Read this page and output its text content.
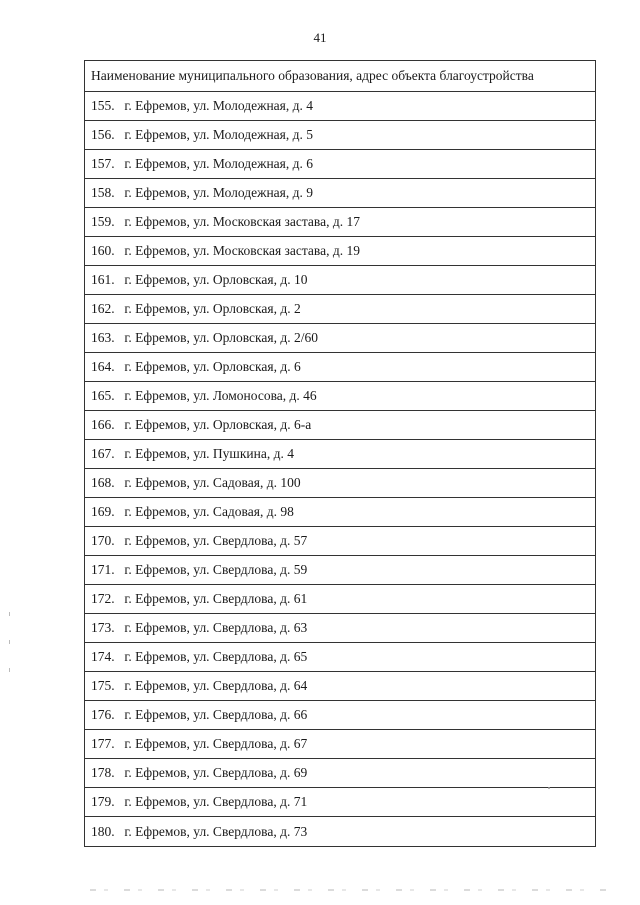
41
Наименование муниципального образования, адрес объекта благоустройства
155. г. Ефремов, ул. Молодежная, д. 4
156. г. Ефремов, ул. Молодежная, д. 5
157. г. Ефремов, ул. Молодежная, д. 6
158. г. Ефремов, ул. Молодежная, д. 9
159. г. Ефремов, ул. Московская застава, д. 17
160. г. Ефремов, ул. Московская застава, д. 19
161. г. Ефремов, ул. Орловская, д. 10
162. г. Ефремов, ул. Орловская, д. 2
163. г. Ефремов, ул. Орловская, д. 2/60
164. г. Ефремов, ул. Орловская, д. 6
165. г. Ефремов, ул. Ломоносова, д. 46
166. г. Ефремов, ул. Орловская, д. 6-а
167. г. Ефремов, ул. Пушкина, д. 4
168. г. Ефремов, ул. Садовая, д. 100
169. г. Ефремов, ул. Садовая, д. 98
170. г. Ефремов, ул. Свердлова, д. 57
171. г. Ефремов, ул. Свердлова, д. 59
172. г. Ефремов, ул. Свердлова, д. 61
173. г. Ефремов, ул. Свердлова, д. 63
174. г. Ефремов, ул. Свердлова, д. 65
175. г. Ефремов, ул. Свердлова, д. 64
176. г. Ефремов, ул. Свердлова, д. 66
177. г. Ефремов, ул. Свердлова, д. 67
178. г. Ефремов, ул. Свердлова, д. 69
179. г. Ефремов, ул. Свердлова, д. 71
180. г. Ефремов, ул. Свердлова, д. 73
